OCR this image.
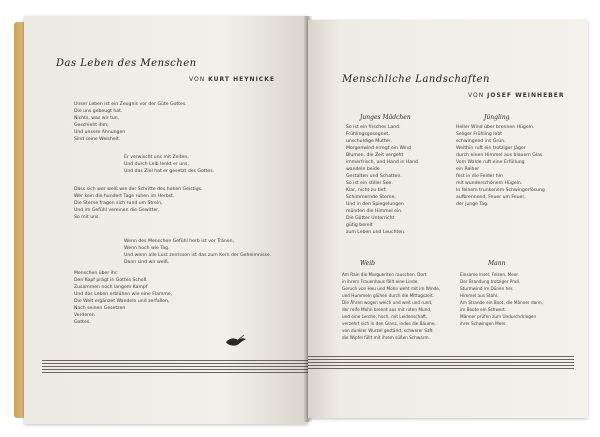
Das Leben des Menschen
VON KURT HEYNICKE
Unser Leben ist ein Zeugnis vor der Güte Gottes.
Die uns gebeugt hat.
Nichts, was wir tun,
Geschieht ihm;
Und unsere Ahnungen
Sind seine Weisheit.
Er verwischt uns mit Zeiten,
Und durch Leib lenkt er uns,
Und das Ziel hat er gesetzt des Gottes.
Dass sich wer weiß wie der Schritte des hohen Geistigs,
Wer kein die hundert Tage ruhen im Herbst.
Die Sterne fragen sich rund um Strein,
Und im Gefühl vereinen die Gewitter,
So mit uns.
Wenn des Menschen Gefühl herb ist vor Tränen,
Wenn hoch wie Tag.
Und wenn alle Lust zerrissen ist das zum Kern der Geheimnisse.
Dann sind wir weiß.
Menschen über ihr:
Den Kopf prägt in Gottes Schoß
Zusammen noch langem Kampf
Und das Leben erblühen wie eine Flamme,
Die Welt ergänzet Wandeln und zerfallen,
Nach seinen Gesetzen
Verderen
Gottes.
Menschliche Landschaften
VON JOSEF WEINHEBER
Junges Mädchen
So ist ein frisches Land.
Frühlingsgesegnet,
unschuldige Mutter,
Morgenwind erregt ein Wind
Blumen, die Zeit vergeht
immerfrisch, und Hand in Hand
wandeln beide
Gestalten und Schatten.
So ist ein stiller See.
Klar, nicht zu tief:
Schimmernde Sterne,
Und in den Spiegelungen
münden die Himmel ein.
Die Götter Unterricht
gütig bereit
zum Leben und Leuchten.
Jüngling
Heller Wind über brennen Hügeln.
Seliger Frühling lebt
schwingend ins Grün.
Weithin ruft ein trotziger Jäger
durch einen Himmel aus blauem Glas.
Vom Walde ruft eine Erfüllung
ein Reiher
fest in die Felder hin
mit wunderschönem Hügeln.
In feinem trunkenem Schwingerlösung
aufbrennend, Feuer um Feuer,
der junge Tag.
Weib
Am Rain die Margueriten rauschen. Dort
in ihrem Frauenhaus fällt eine Linde.
Geruch von Heu und Mohn weht mit im Winde,
und Hummeln glühen durch die Mittagszeit.
Die Ähren wogen weich und weit und rund,
der reife Mohn brennt aus mit roten Mund,
und eine Lerche, hoch, mit Leidenschaft,
verzehrt sich in den Glanz, indes die Bäume,
von dunkler Wurzel gestärkt, schwerer Saft
die Wipfel füllt mit ihrem süßen Schwarm.
Mann
Einsame Insel, Felsen, Meer.
Der Brandung trotziger Prall.
Sturmwind im Dünen her.
Himmel aus Stahl.
Am Strande ein Boot, die Männer darin,
im Boote ein Schwert.
Männer prüfen zum Undurchdringen
ihrer Schwingen Meer.
